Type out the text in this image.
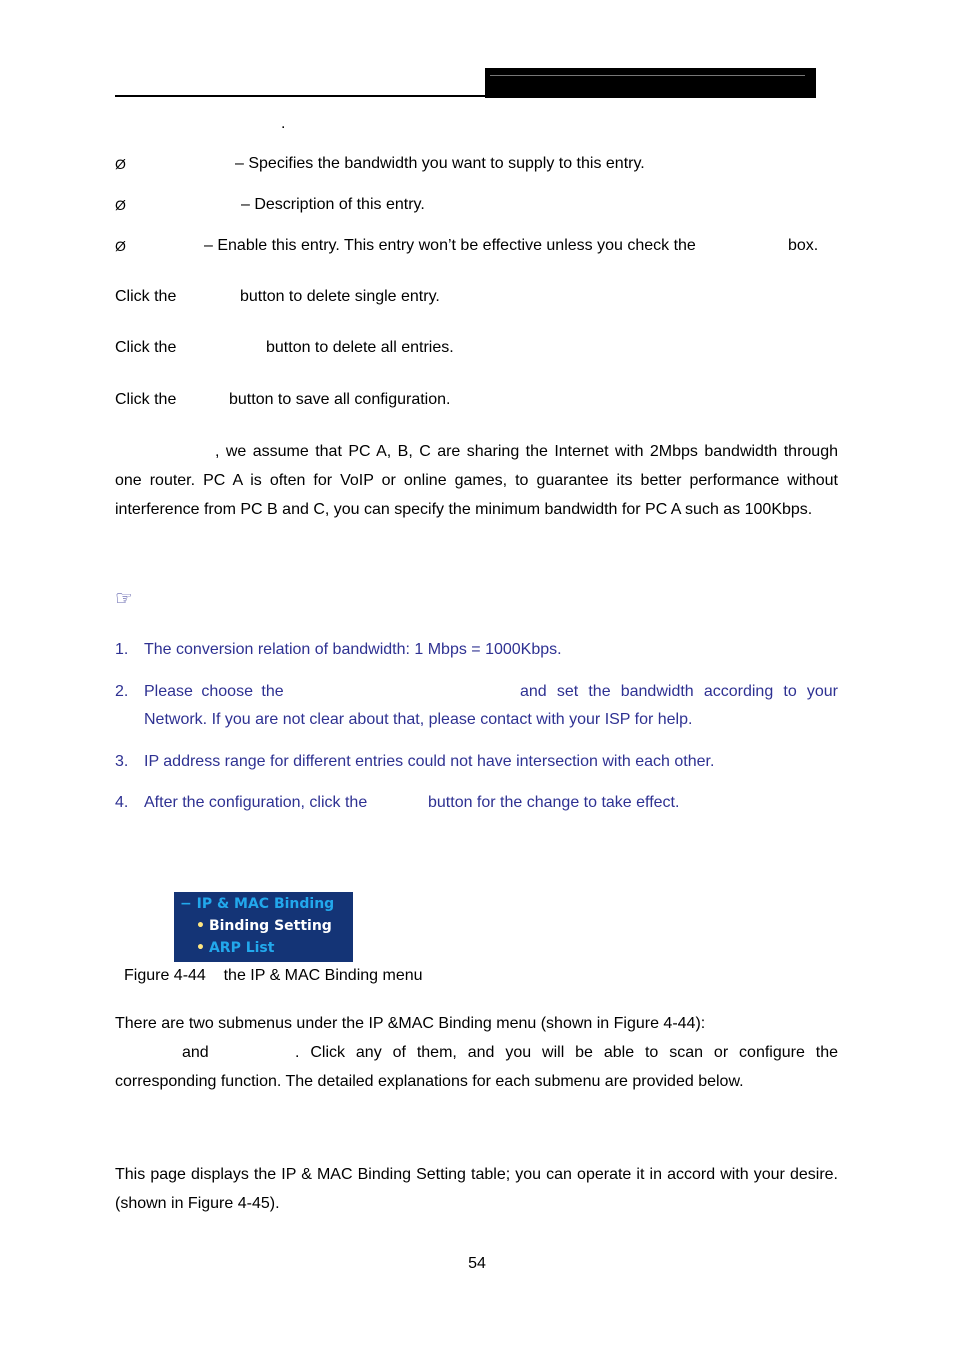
.
Ø	– Specifies the bandwidth you want to supply to this entry.
Ø	– Description of this entry.
Ø	– Enable this entry. This entry won’t be effective unless you check the	box.
Click the	button to delete single entry.
Click the	button to delete all entries.
Click the	button to save all configuration.
, we assume that PC A, B, C are sharing the Internet with 2Mbps bandwidth through one router. PC A is often for VoIP or online games, to guarantee its better performance without interference from PC B and C, you can specify the minimum bandwidth for PC A such as 100Kbps.
☞
1. The conversion relation of bandwidth: 1 Mbps = 1000Kbps.
2. Please choose the	and set the bandwidth according to your
Network. If you are not clear about that, please contact with your ISP for help.
3. IP address range for different entries could not have intersection with each other.
4. After the configuration, click the	button for the change to take effect.
− IP & MAC Binding
• Binding Setting
• ARP List
Figure 4-44    the IP & MAC Binding menu
There are two submenus under the IP &MAC Binding menu (shown in Figure 4-44):
and	. Click any of them, and you will be able to scan or configure the
corresponding function. The detailed explanations for each submenu are provided below.
This page displays the IP & MAC Binding Setting table; you can operate it in accord with your desire. (shown in Figure 4-45).
54
